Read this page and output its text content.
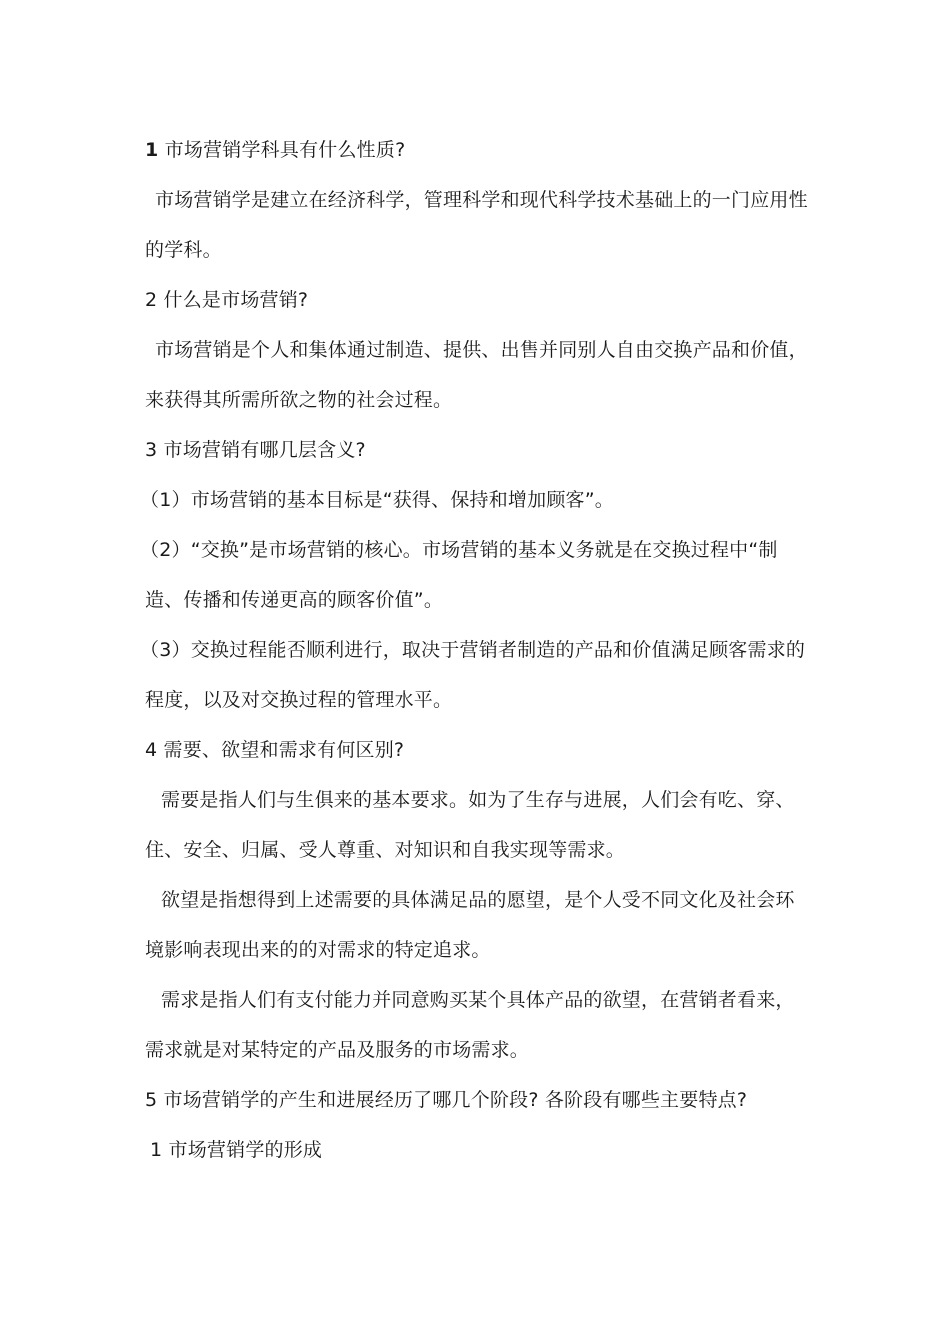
1 市场营销学科具有什么性质?
市场营销学是建立在经济科学，管理科学和现代科学技术基础上的一门应用性
的学科。
2 什么是市场营销?
市场营销是个人和集体通过制造、提供、出售并同别人自由交换产品和价值，
来获得其所需所欲之物的社会过程。
3 市场营销有哪几层含义?
（1）市场营销的基本目标是“获得、保持和增加顾客”。
（2）“交换”是市场营销的核心。市场营销的基本义务就是在交换过程中“制
造、传播和传递更高的顾客价值”。
（3）交换过程能否顺利进行，取决于营销者制造的产品和价值满足顾客需求的
程度，以及对交换过程的管理水平。
4 需要、欲望和需求有何区别?
需要是指人们与生俱来的基本要求。如为了生存与进展，人们会有吃、穿、
住、安全、归属、受人尊重、对知识和自我实现等需求。
欲望是指想得到上述需要的具体满足品的愿望，是个人受不同文化及社会环
境影响表现出来的的对需求的特定追求。
需求是指人们有支付能力并同意购买某个具体产品的欲望，在营销者看来，
需求就是对某特定的产品及服务的市场需求。
5 市场营销学的产生和进展经历了哪几个阶段? 各阶段有哪些主要特点?
1 市场营销学的形成
